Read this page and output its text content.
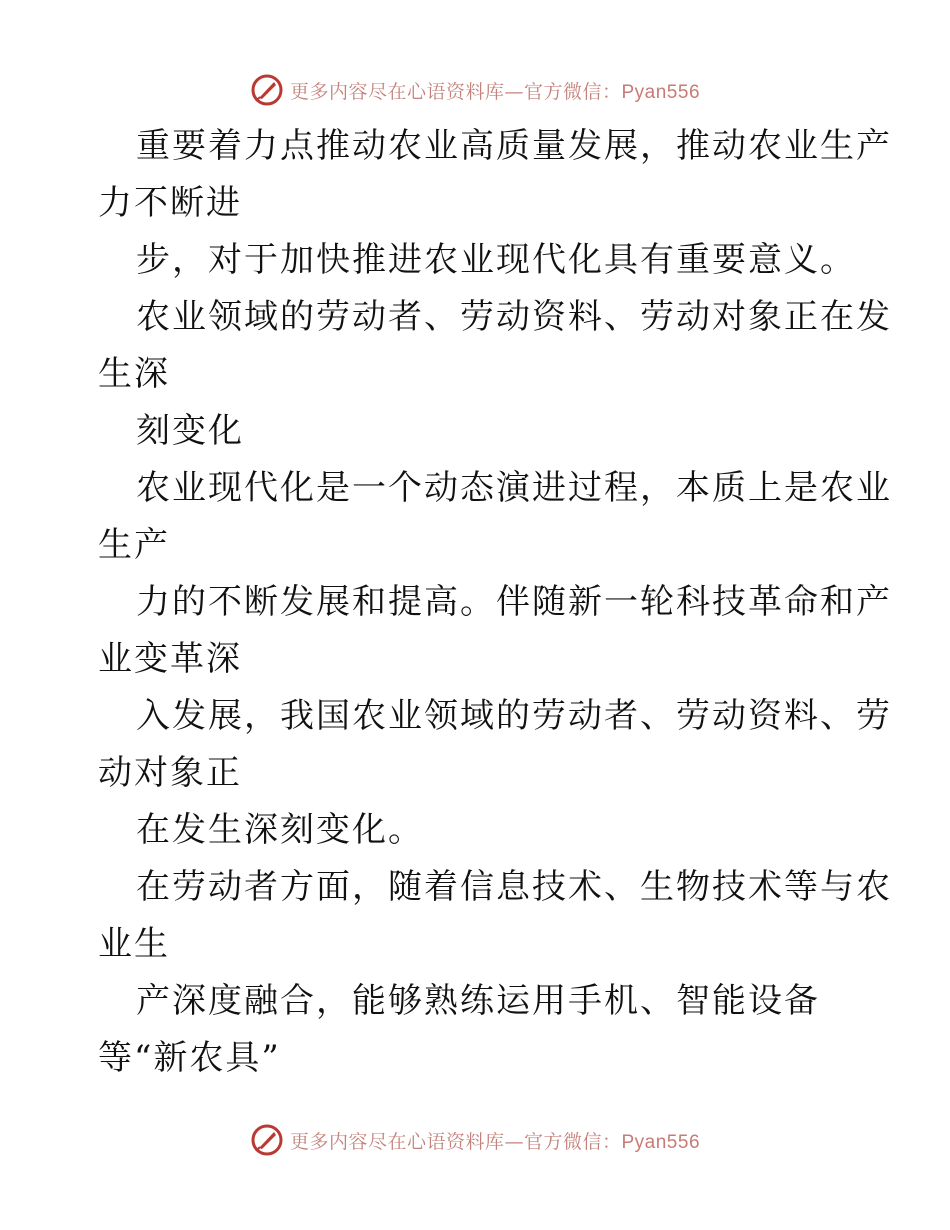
更多内容尽在心语资料库—官方微信：Pyan556
重要着力点推动农业高质量发展，推动农业生产
力不断进
步，对于加快推进农业现代化具有重要意义。
农业领域的劳动者、劳动资料、劳动对象正在发
生深
刻变化
农业现代化是一个动态演进过程，本质上是农业
生产
力的不断发展和提高。伴随新一轮科技革命和产
业变革深
入发展，我国农业领域的劳动者、劳动资料、劳
动对象正
在发生深刻变化。
在劳动者方面，随着信息技术、生物技术等与农
业生
产深度融合，能够熟练运用手机、智能设备
等“新农具”
更多内容尽在心语资料库—官方微信：Pyan556
